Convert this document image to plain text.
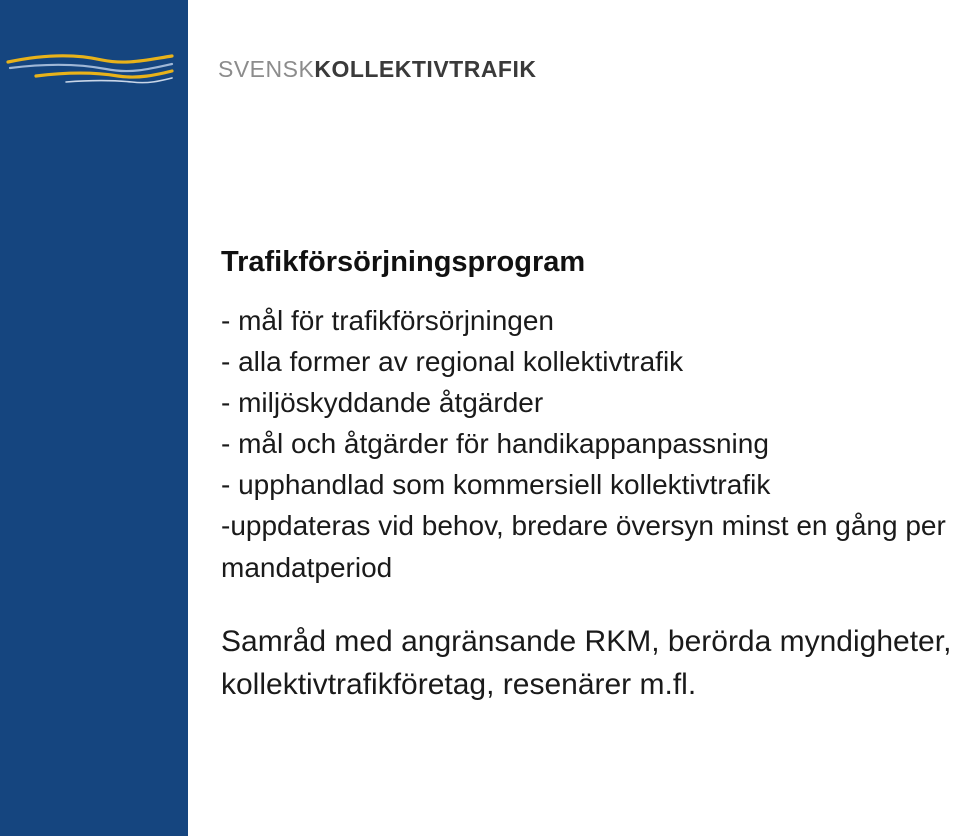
SVENSKKOLLEKTIVTRAFIK
Trafikförsörjningsprogram
- mål för trafikförsörjningen
- alla former av regional kollektivtrafik
- miljöskyddande åtgärder
- mål och åtgärder för handikappanpassning
- upphandlad som kommersiell kollektivtrafik
-uppdateras vid behov, bredare översyn minst en gång per mandatperiod

Samråd med angränsande RKM, berörda myndigheter, kollektivtrafikföretag, resenärer m.fl.
